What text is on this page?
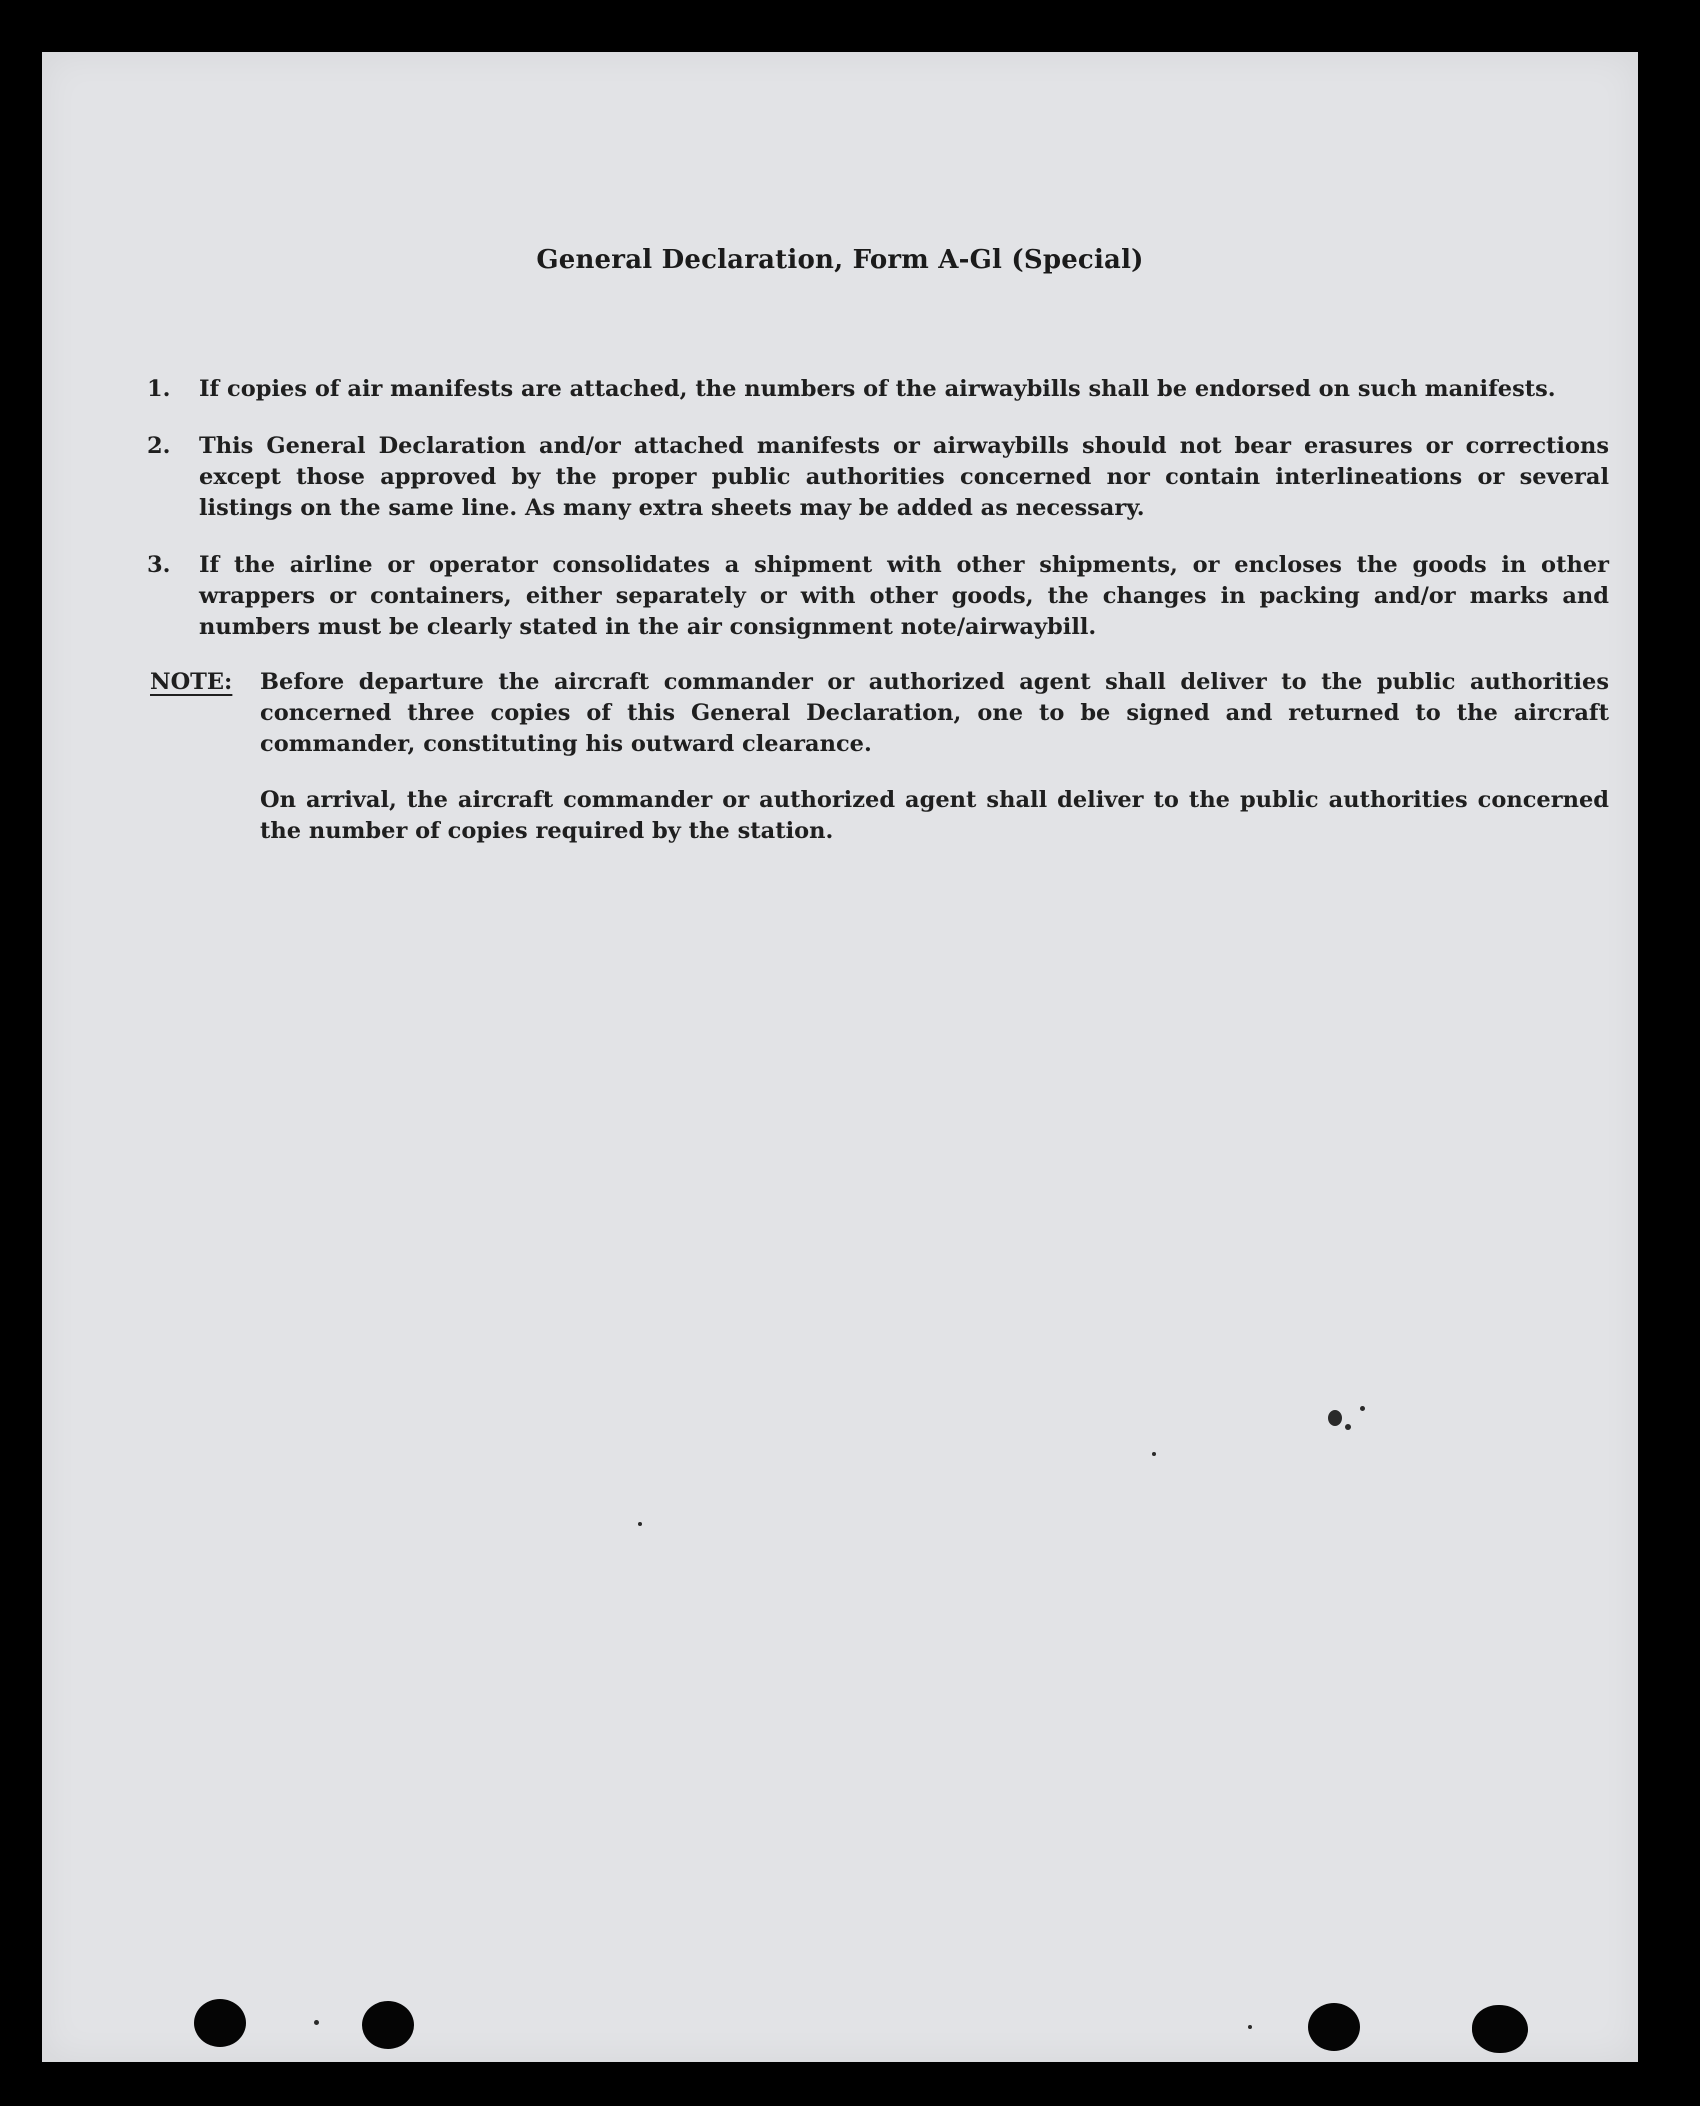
General Declaration, Form A-Gl (Special)
1.	If copies of air manifests are attached, the numbers of the airwaybills shall be endorsed on such manifests.
2.	This General Declaration and/or attached manifests or airwaybills should not bear erasures or corrections except those approved by the proper public authorities concerned nor contain interlineations or several listings on the same line. As many extra sheets may be added as necessary.
3.	If the airline or operator consolidates a shipment with other shipments, or encloses the goods in other wrappers or containers, either separately or with other goods, the changes in packing and/or marks and numbers must be clearly stated in the air consignment note/airwaybill.
NOTE: Before departure the aircraft commander or authorized agent shall deliver to the public authorities concerned three copies of this General Declaration, one to be signed and returned to the aircraft commander, constituting his outward clearance.

On arrival, the aircraft commander or authorized agent shall deliver to the public authorities concerned the number of copies required by the station.
